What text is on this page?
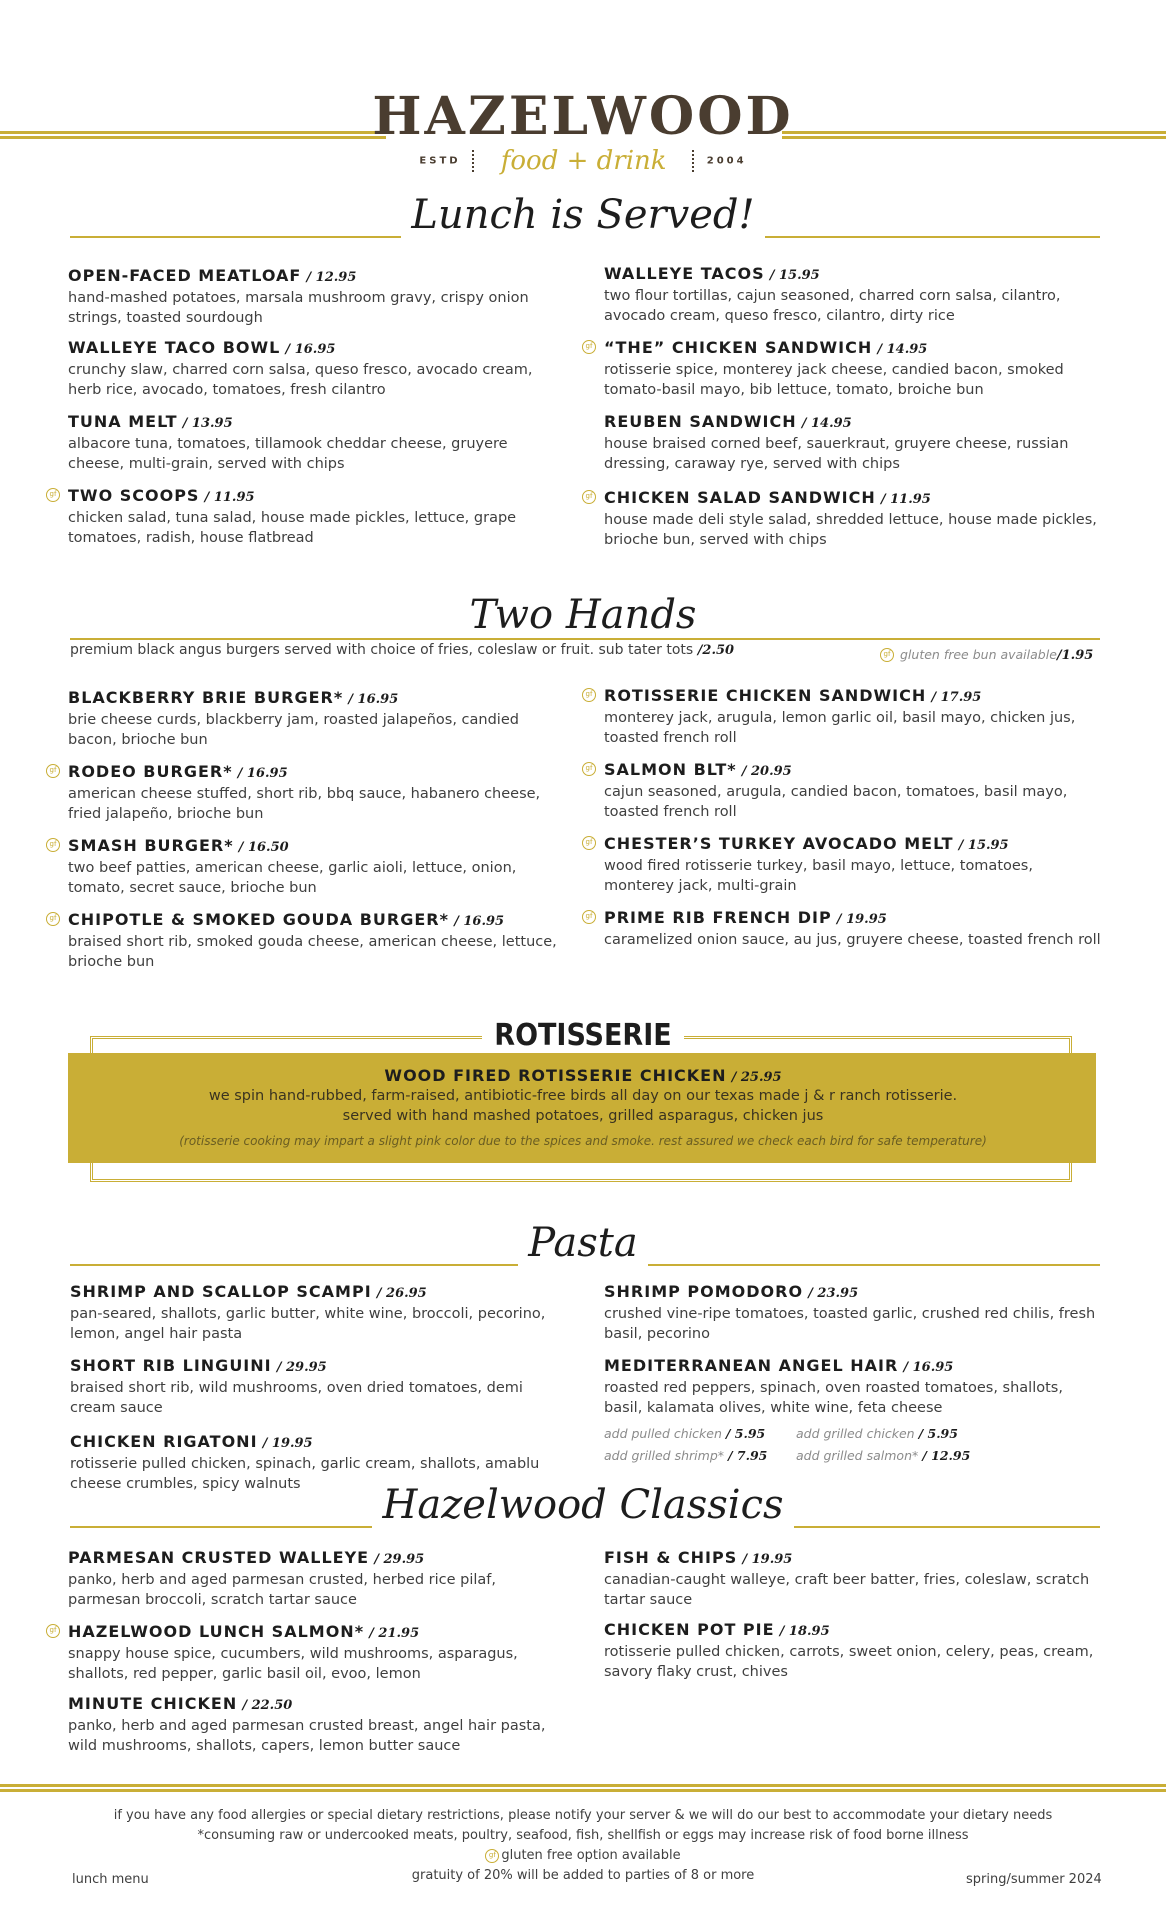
HAZELWOOD
ESTD food + drink	2004
Lunch is Served!
OPEN-FACED MEATLOAF / 12.95
hand-mashed potatoes, marsala mushroom gravy, crispy onion strings, toasted sourdough
WALLEYE TACO BOWL / 16.95
crunchy slaw, charred corn salsa, queso fresco, avocado cream, herb rice, avocado, tomatoes, fresh cilantro
TUNA MELT / 13.95
albacore tuna, tomatoes, tillamook cheddar cheese, gruyere cheese, multi-grain, served with chips
gf
TWO SCOOPS / 11.95
chicken salad, tuna salad, house made pickles, lettuce, grape tomatoes, radish, house flatbread
WALLEYE TACOS / 15.95
two flour tortillas, cajun seasoned, charred corn salsa, cilantro, avocado cream, queso fresco, cilantro, dirty rice
gf
“THE” CHICKEN SANDWICH / 14.95
rotisserie spice, monterey jack cheese, candied bacon, smoked tomato-basil mayo, bib lettuce, tomato, broiche bun
REUBEN SANDWICH / 14.95
house braised corned beef, sauerkraut, gruyere cheese, russian dressing, caraway rye, served with chips
gf
CHICKEN SALAD SANDWICH / 11.95
house made deli style salad, shredded lettuce, house made pickles, brioche bun, served with chips
Two Hands
premium black angus burgers served with choice of fries, coleslaw or fruit. sub tater tots /2.50
gf	gluten free bun available/1.95
BLACKBERRY BRIE BURGER* / 16.95
brie cheese curds, blackberry jam, roasted jalapeños, candied bacon, brioche bun
gf
RODEO BURGER* / 16.95
american cheese stuffed, short rib, bbq sauce, habanero cheese, fried jalapeño, brioche bun
gf
SMASH BURGER* / 16.50
two beef patties, american cheese, garlic aioli, lettuce, onion, tomato, secret sauce, brioche bun
gf
CHIPOTLE & SMOKED GOUDA BURGER* / 16.95
braised short rib, smoked gouda cheese, american cheese, lettuce, brioche bun
gf
ROTISSERIE CHICKEN SANDWICH / 17.95
monterey jack, arugula, lemon garlic oil, basil mayo, chicken jus, toasted french roll
gf
SALMON BLT* / 20.95
cajun seasoned, arugula, candied bacon, tomatoes, basil mayo, toasted french roll
gf
CHESTER’S TURKEY AVOCADO MELT / 15.95
wood fired rotisserie turkey, basil mayo, lettuce, tomatoes, monterey jack, multi-grain
gf
PRIME RIB FRENCH DIP / 19.95
caramelized onion sauce, au jus, gruyere cheese, toasted french roll
ROTISSERIE
WOOD FIRED ROTISSERIE CHICKEN / 25.95
we spin hand-rubbed, farm-raised, antibiotic-free birds all day on our texas made j & r ranch rotisserie.
served with hand mashed potatoes, grilled asparagus, chicken jus
(rotisserie cooking may impart a slight pink color due to the spices and smoke. rest assured we check each bird for safe temperature)
Pasta
SHRIMP AND SCALLOP SCAMPI / 26.95
pan-seared, shallots, garlic butter, white wine, broccoli, pecorino, lemon, angel hair pasta
SHORT RIB LINGUINI / 29.95
braised short rib, wild mushrooms, oven dried tomatoes, demi cream sauce
CHICKEN RIGATONI / 19.95
rotisserie pulled chicken, spinach, garlic cream, shallots, amablu cheese crumbles, spicy walnuts
SHRIMP POMODORO / 23.95
crushed vine-ripe tomatoes, toasted garlic, crushed red chilis, fresh basil, pecorino
MEDITERRANEAN ANGEL HAIR / 16.95
roasted red peppers, spinach, oven roasted tomatoes, shallots, basil, kalamata olives, white wine, feta cheese
add pulled chicken / 5.95 add grilled chicken / 5.95
add grilled shrimp* / 7.95 add grilled salmon* / 12.95
Hazelwood Classics
PARMESAN CRUSTED WALLEYE / 29.95
panko, herb and aged parmesan crusted, herbed rice pilaf, parmesan broccoli, scratch tartar sauce
gf
HAZELWOOD LUNCH SALMON* / 21.95
snappy house spice, cucumbers, wild mushrooms, asparagus, shallots, red pepper, garlic basil oil, evoo, lemon
MINUTE CHICKEN / 22.50
panko, herb and aged parmesan crusted breast, angel hair pasta, wild mushrooms, shallots, capers, lemon butter sauce
FISH & CHIPS / 19.95
canadian-caught walleye, craft beer batter, fries, coleslaw, scratch tartar sauce
CHICKEN POT PIE / 18.95
rotisserie pulled chicken, carrots, sweet onion, celery, peas, cream, savory flaky crust, chives
if you have any food allergies or special dietary restrictions, please notify your server & we will do our best to accommodate your dietary needs
*consuming raw or undercooked meats, poultry, seafood, fish, shellfish or eggs may increase risk of food borne illness
gfgluten free option available
gratuity of 20% will be added to parties of 8 or more
lunch menu	spring/summer 2024
